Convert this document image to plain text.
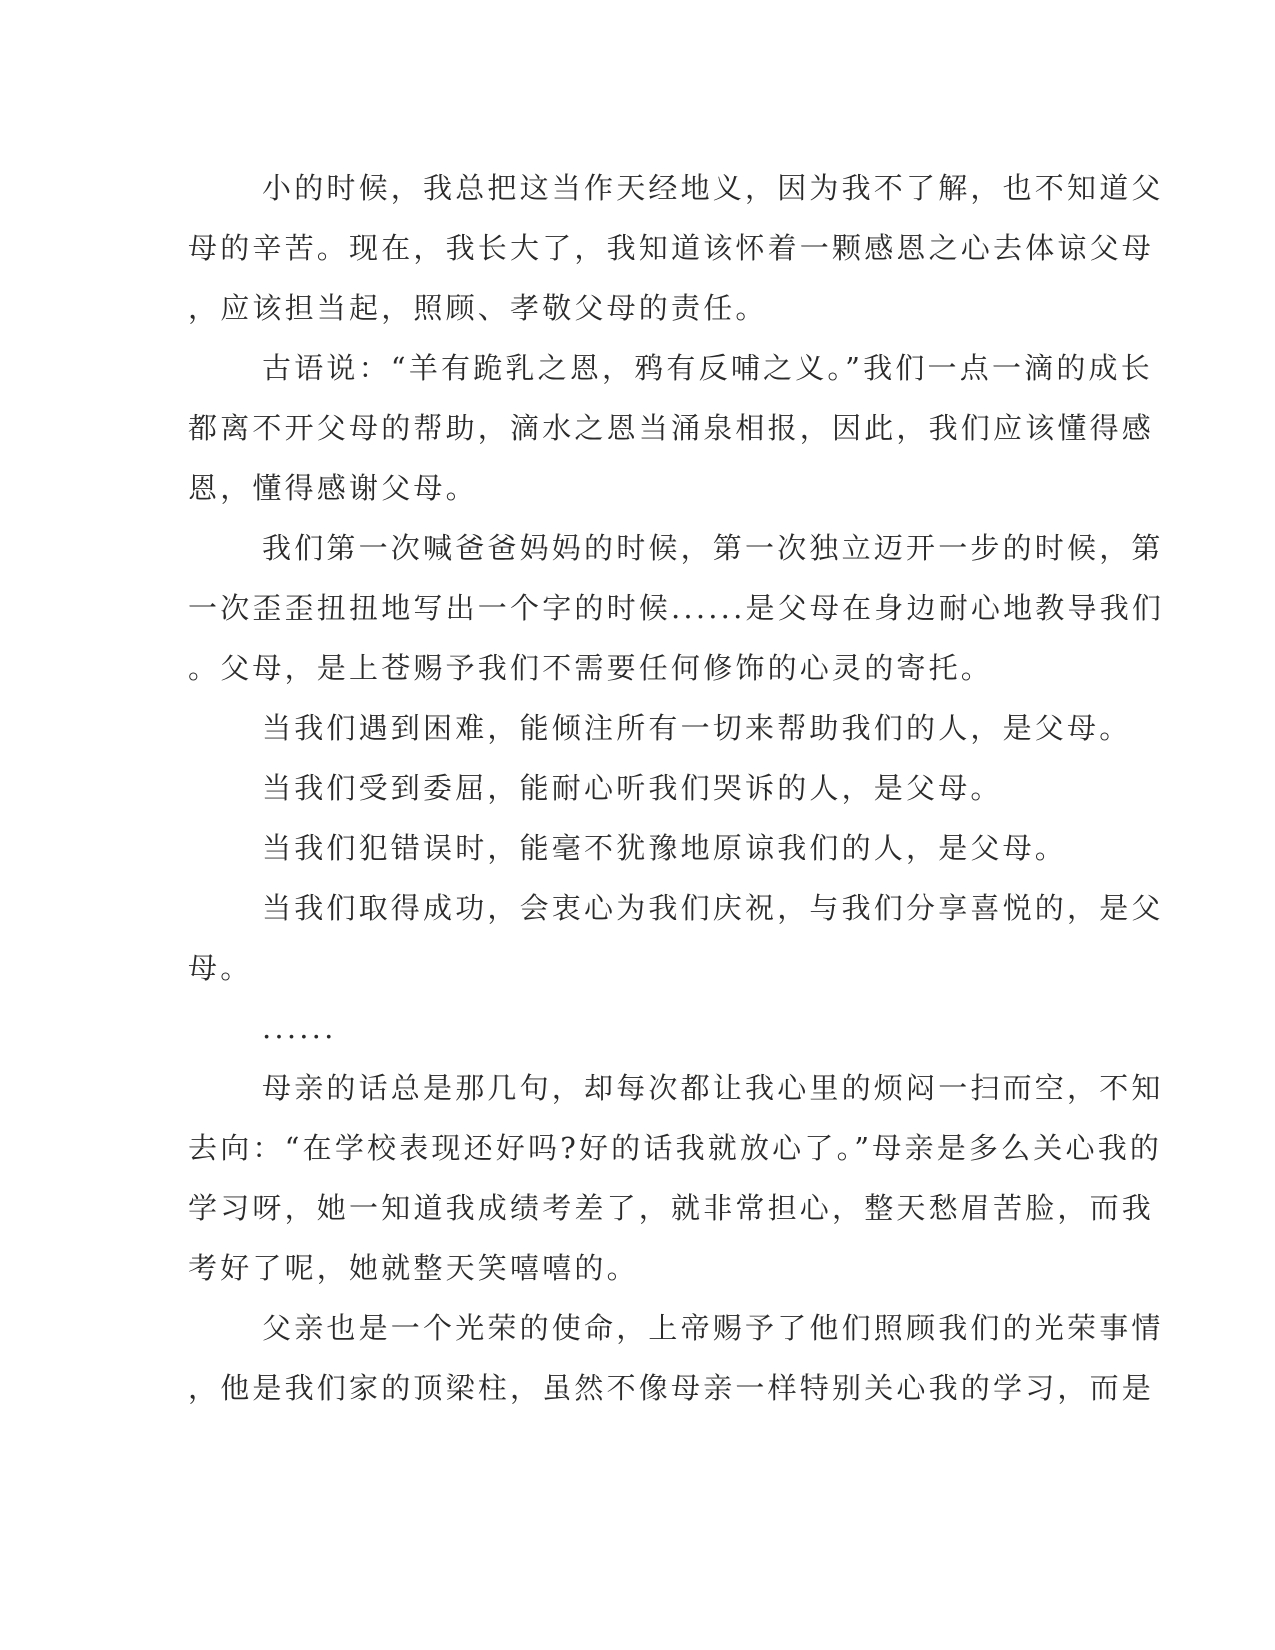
小的时候，我总把这当作天经地义，因为我不了解，也不知道父
母的辛苦。现在，我长大了，我知道该怀着一颗感恩之心去体谅父母
，应该担当起，照顾、孝敬父母的责任。
古语说：“羊有跪乳之恩，鸦有反哺之义。”我们一点一滴的成长
都离不开父母的帮助，滴水之恩当涌泉相报，因此，我们应该懂得感
恩，懂得感谢父母。
我们第一次喊爸爸妈妈的时候，第一次独立迈开一步的时候，第
一次歪歪扭扭地写出一个字的时候......是父母在身边耐心地教导我们
。父母，是上苍赐予我们不需要任何修饰的心灵的寄托。
当我们遇到困难，能倾注所有一切来帮助我们的人，是父母。
当我们受到委屈，能耐心听我们哭诉的人，是父母。
当我们犯错误时，能毫不犹豫地原谅我们的人，是父母。
当我们取得成功，会衷心为我们庆祝，与我们分享喜悦的，是父
母。
......
母亲的话总是那几句，却每次都让我心里的烦闷一扫而空，不知
去向：“在学校表现还好吗?好的话我就放心了。”母亲是多么关心我的
学习呀，她一知道我成绩考差了，就非常担心，整天愁眉苦脸，而我
考好了呢，她就整天笑嘻嘻的。
父亲也是一个光荣的使命，上帝赐予了他们照顾我们的光荣事情
，他是我们家的顶梁柱，虽然不像母亲一样特别关心我的学习，而是
